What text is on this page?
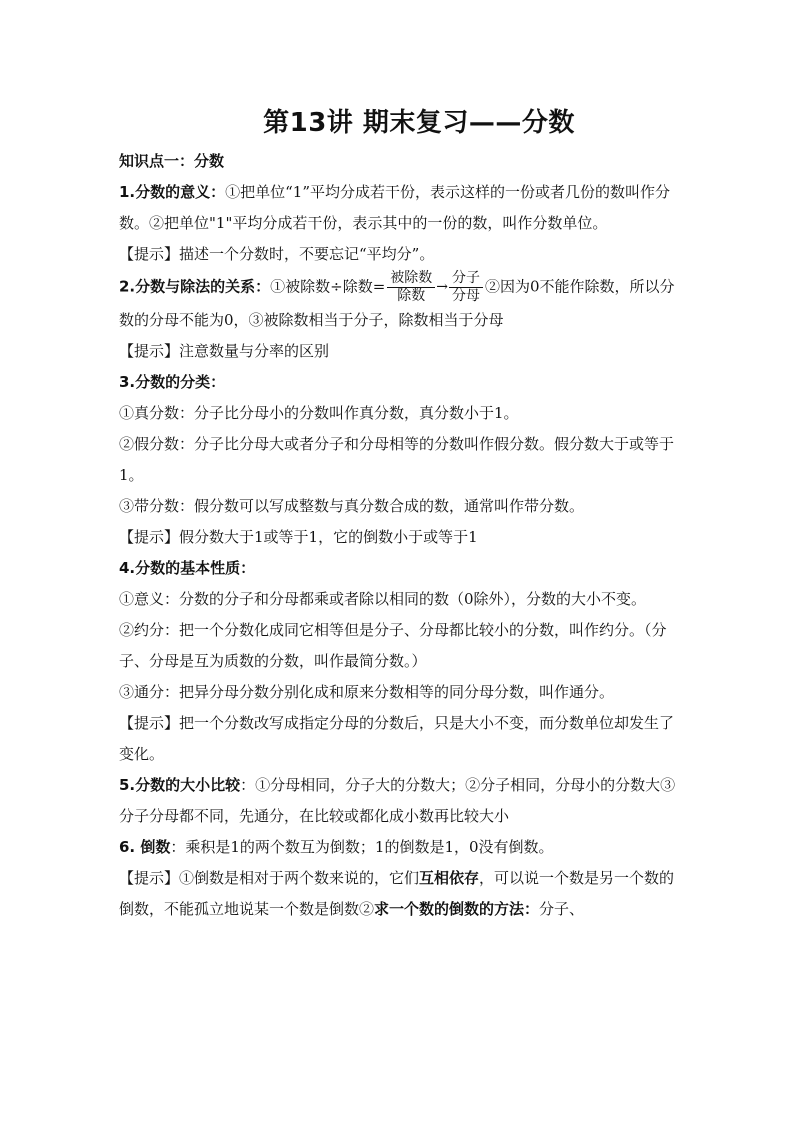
第13讲 期末复习——分数

知识点一：分数

1.分数的意义：①把单位“1”平均分成若干份，表示这样的一份或者几份的数叫作分数。②把单位"1"平均分成若干份，表示其中的一份的数，叫作分数单位。

【提示】描述一个分数时，不要忘记“平均分”。

2.分数与除法的关系：①被除数÷除数= $\frac{\text{被除数}}{\text{除数}} \to \frac{\text{分子}}{\text{分母}}$ ②因为0不能作除数，所以分数的分母不能为0，③被除数相当于分子，除数相当于分母

【提示】注意数量与分率的区别

3.分数的分类：

①真分数：分子比分母小的分数叫作真分数，真分数小于1。

②假分数：分子比分母大或者分子和分母相等的分数叫作假分数。假分数大于或等于1。

③带分数：假分数可以写成整数与真分数合成的数，通常叫作带分数。

【提示】假分数大于1或等于1，它的倒数小于或等于1

4.分数的基本性质：

①意义：分数的分子和分母都乘或者除以相同的数（0除外），分数的大小不变。

②约分：把一个分数化成同它相等但是分子、分母都比较小的分数，叫作约分。（分子、分母是互为质数的分数，叫作最简分数。）

③通分：把异分母分数分别化成和原来分数相等的同分母分数，叫作通分。

【提示】把一个分数改写成指定分母的分数后，只是大小不变，而分数单位却发生了变化。

5.分数的大小比较：①分母相同，分子大的分数大；②分子相同，分母小的分数大③分子分母都不同，先通分，在比较或都化成小数再比较大小

6. 倒数：乘积是1的两个数互为倒数；1的倒数是1，0没有倒数。

【提示】①倒数是相对于两个数来说的，它们互相依存，可以说一个数是另一个数的倒数，不能孤立地说某一个数是倒数②求一个数的倒数的方法：分子、
